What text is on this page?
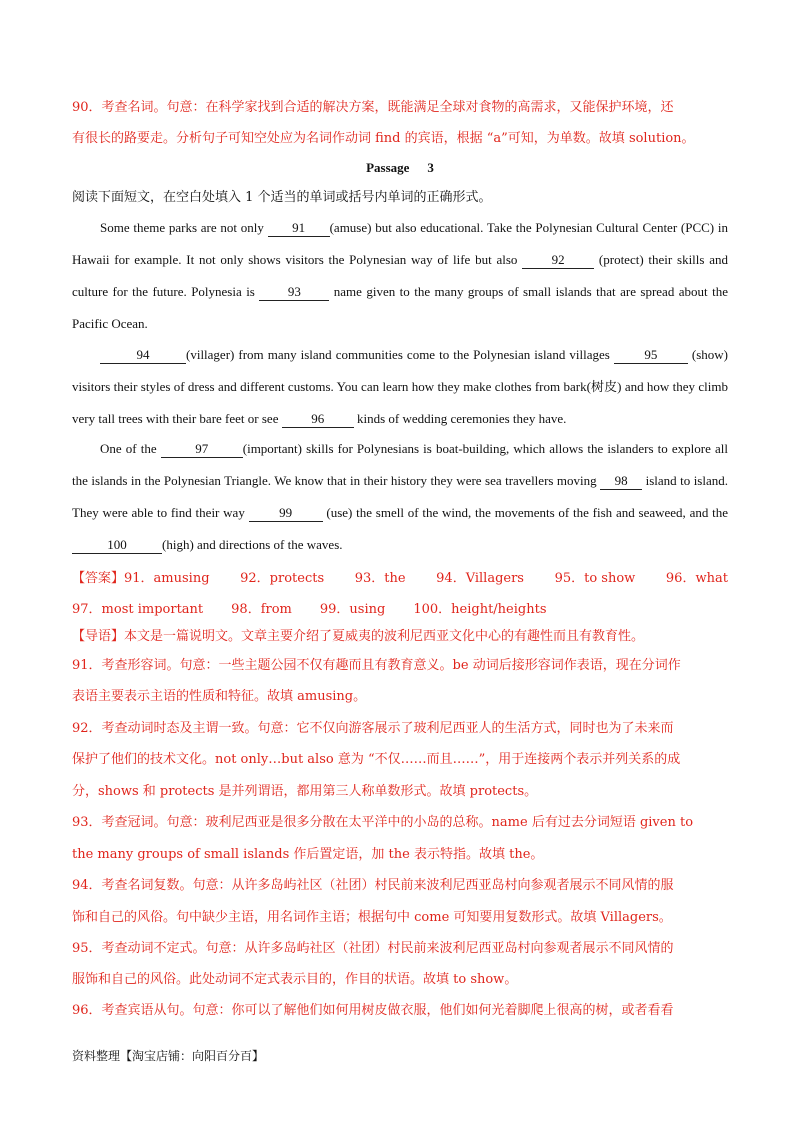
90．考查名词。句意：在科学家找到合适的解决方案，既能满足全球对食物的高需求，又能保护环境，还
有很长的路要走。分析句子可知空处应为名词作动词 find 的宾语，根据 “a”可知，为单数。故填 solution。
Passage 3
阅读下面短文，在空白处填入 1 个适当的单词或括号内单词的正确形式。
Some theme parks are not only 91 (amuse) but also educational. Take the Polynesian Cultural Center (PCC) in Hawaii for example. It not only shows visitors the Polynesian way of life but also 92 (protect) their skills and culture for the future. Polynesia is 93 name given to the many groups of small islands that are spread about the Pacific Ocean.
94	(villager) from many island communities come to the Polynesian island villages 95 (show) visitors their styles of dress and different customs. You can learn how they make clothes from bark(树皮) and how they climb very tall trees with their bare feet or see 96 kinds of wedding ceremonies they have.
One of the	97	(important) skills for Polynesians is boat-building, which allows the islanders to explore all the islands in the Polynesian Triangle. We know that in their history they were sea travellers moving 98 island to island. They were able to find their way 99 (use) the smell of the wind, the movements of the fish and seaweed, and the 100	(high) and directions of the waves.
【答案】91．amusing 92．protects 93．the 94．Villagers 95．to show 96．what
97．most important 98．from 99．using 100．height/heights
【导语】本文是一篇说明文。文章主要介绍了夏威夷的波利尼西亚文化中心的有趣性而且有教育性。
91．考查形容词。句意：一些主题公园不仅有趣而且有教育意义。be 动词后接形容词作表语，现在分词作
表语主要表示主语的性质和特征。故填 amusing。
92．考查动词时态及主谓一致。句意：它不仅向游客展示了玻利尼西亚人的生活方式，同时也为了未来而
保护了他们的技术文化。not only…but also 意为 “不仅……而且……”，用于连接两个表示并列关系的成
分，shows 和 protects 是并列谓语，都用第三人称单数形式。故填 protects。
93．考查冠词。句意：玻利尼西亚是很多分散在太平洋中的小岛的总称。name 后有过去分词短语 given to
the many groups of small islands 作后置定语，加 the 表示特指。故填 the。
94．考查名词复数。句意：从许多岛屿社区（社团）村民前来波利尼西亚岛村向参观者展示不同风情的服
饰和自己的风俗。句中缺少主语，用名词作主语；根据句中 come 可知要用复数形式。故填 Villagers。
95．考查动词不定式。句意：从许多岛屿社区（社团）村民前来波利尼西亚岛村向参观者展示不同风情的
服饰和自己的风俗。此处动词不定式表示目的，作目的状语。故填 to show。
96．考查宾语从句。句意：你可以了解他们如何用树皮做衣服，他们如何光着脚爬上很高的树，或者看看
资料整理【淘宝店铺：向阳百分百】
